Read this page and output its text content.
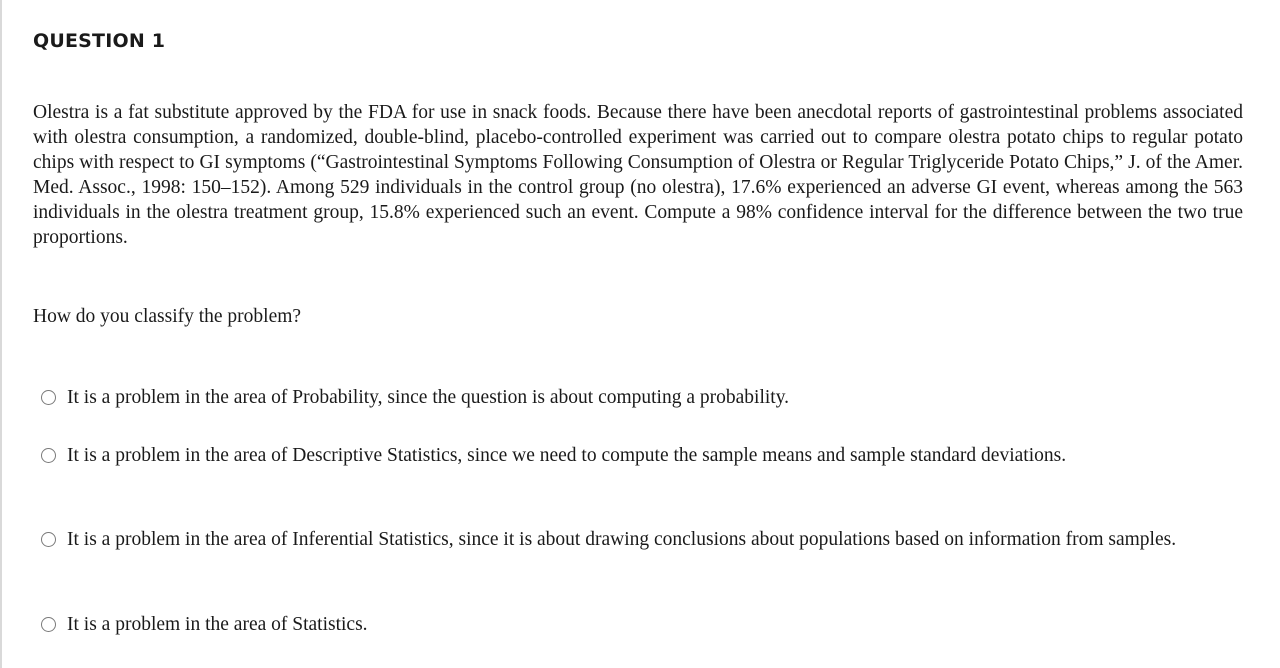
QUESTION 1
Olestra is a fat substitute approved by the FDA for use in snack foods. Because there have been anecdotal reports of gastrointestinal problems associated with olestra consumption, a randomized, double-blind, placebo-controlled experiment was carried out to compare olestra potato chips to regular potato chips with respect to GI symptoms (“Gastrointestinal Symptoms Following Consumption of Olestra or Regular Triglyceride Potato Chips,” J. of the Amer. Med. Assoc., 1998: 150–152). Among 529 individuals in the control group (no olestra), 17.6% experienced an adverse GI event, whereas among the 563 individuals in the olestra treatment group, 15.8% experienced such an event. Compute a 98% confidence interval for the difference between the two true proportions.
How do you classify the problem?
It is a problem in the area of Probability, since the question is about computing a probability.
It is a problem in the area of Descriptive Statistics, since we need to compute the sample means and sample standard deviations.
It is a problem in the area of Inferential Statistics, since it is about drawing conclusions about populations based on information from samples.
It is a problem in the area of Statistics.
